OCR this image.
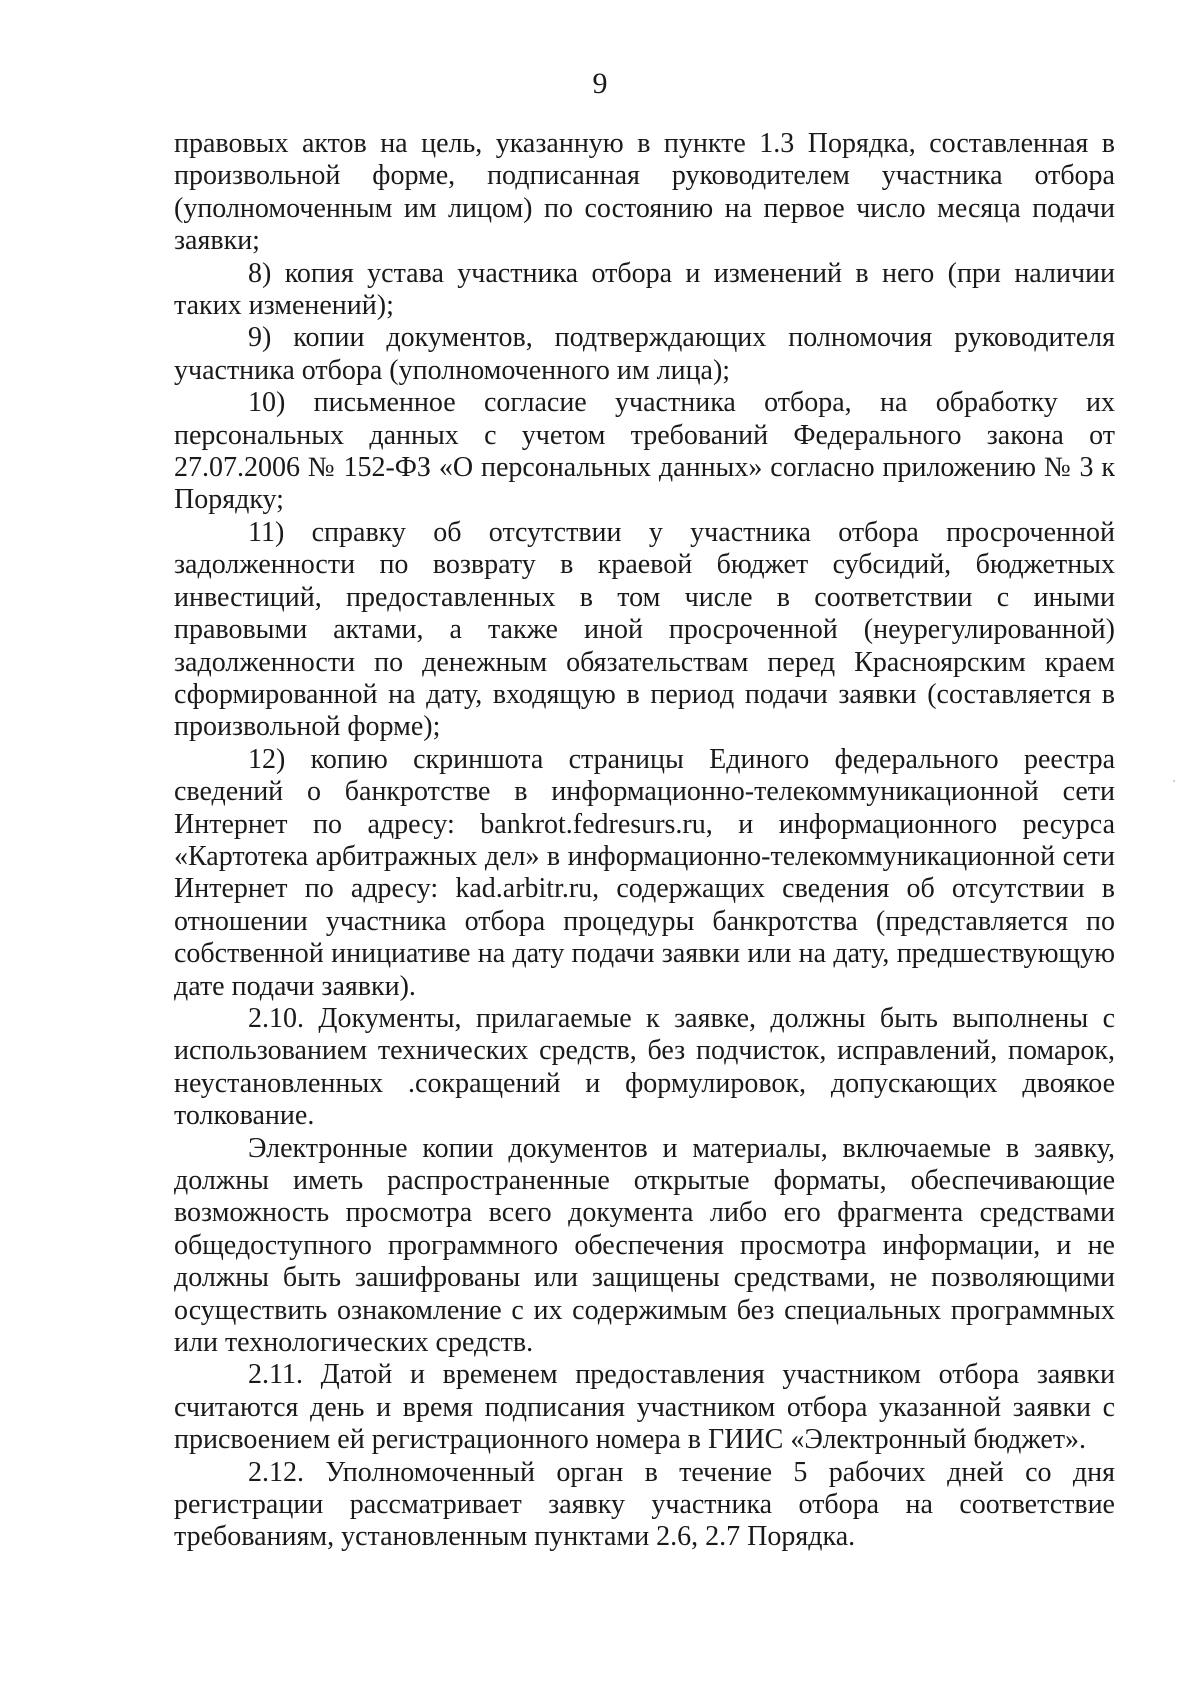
9

правовых актов на цель, указанную в пункте 1.3 Порядка, составленная в произвольной форме, подписанная руководителем участника отбора (уполномоченным им лицом) по состоянию на первое число месяца подачи заявки;

8) копия устава участника отбора и изменений в него (при наличии таких изменений);

9) копии документов, подтверждающих полномочия руководителя участника отбора (уполномоченного им лица);

10) письменное согласие участника отбора, на обработку их персональных данных с учетом требований Федерального закона от 27.07.2006 № 152-ФЗ «О персональных данных» согласно приложению № 3 к Порядку;

11) справку об отсутствии у участника отбора просроченной задолженности по возврату в краевой бюджет субсидий, бюджетных инвестиций, предоставленных в том числе в соответствии с иными правовыми актами, а также иной просроченной (неурегулированной) задолженности по денежным обязательствам перед Красноярским краем сформированной на дату, входящую в период подачи заявки (составляется в произвольной форме);

12) копию скриншота страницы Единого федерального реестра сведений о банкротстве в информационно-телекоммуникационной сети Интернет по адресу: bankrot.fedresurs.ru, и информационного ресурса «Картотека арбитражных дел» в информационно-телекоммуникационной сети Интернет по адресу: kad.arbitr.ru, содержащих сведения об отсутствии в отношении участника отбора процедуры банкротства (представляется по собственной инициативе на дату подачи заявки или на дату, предшествующую дате подачи заявки).

2.10. Документы, прилагаемые к заявке, должны быть выполнены с использованием технических средств, без подчисток, исправлений, помарок, неустановленных .сокращений и формулировок, допускающих двоякое толкование.

Электронные копии документов и материалы, включаемые в заявку, должны иметь распространенные открытые форматы, обеспечивающие возможность просмотра всего документа либо его фрагмента средствами общедоступного программного обеспечения просмотра информации, и не должны быть зашифрованы или защищены средствами, не позволяющими осуществить ознакомление с их содержимым без специальных программных или технологических средств.

2.11. Датой и временем предоставления участником отбора заявки считаются день и время подписания участником отбора указанной заявки с присвоением ей регистрационного номера в ГИИС «Электронный бюджет».

2.12. Уполномоченный орган в течение 5 рабочих дней со дня регистрации рассматривает заявку участника отбора на соответствие требованиям, установленным пунктами 2.6, 2.7 Порядка.
